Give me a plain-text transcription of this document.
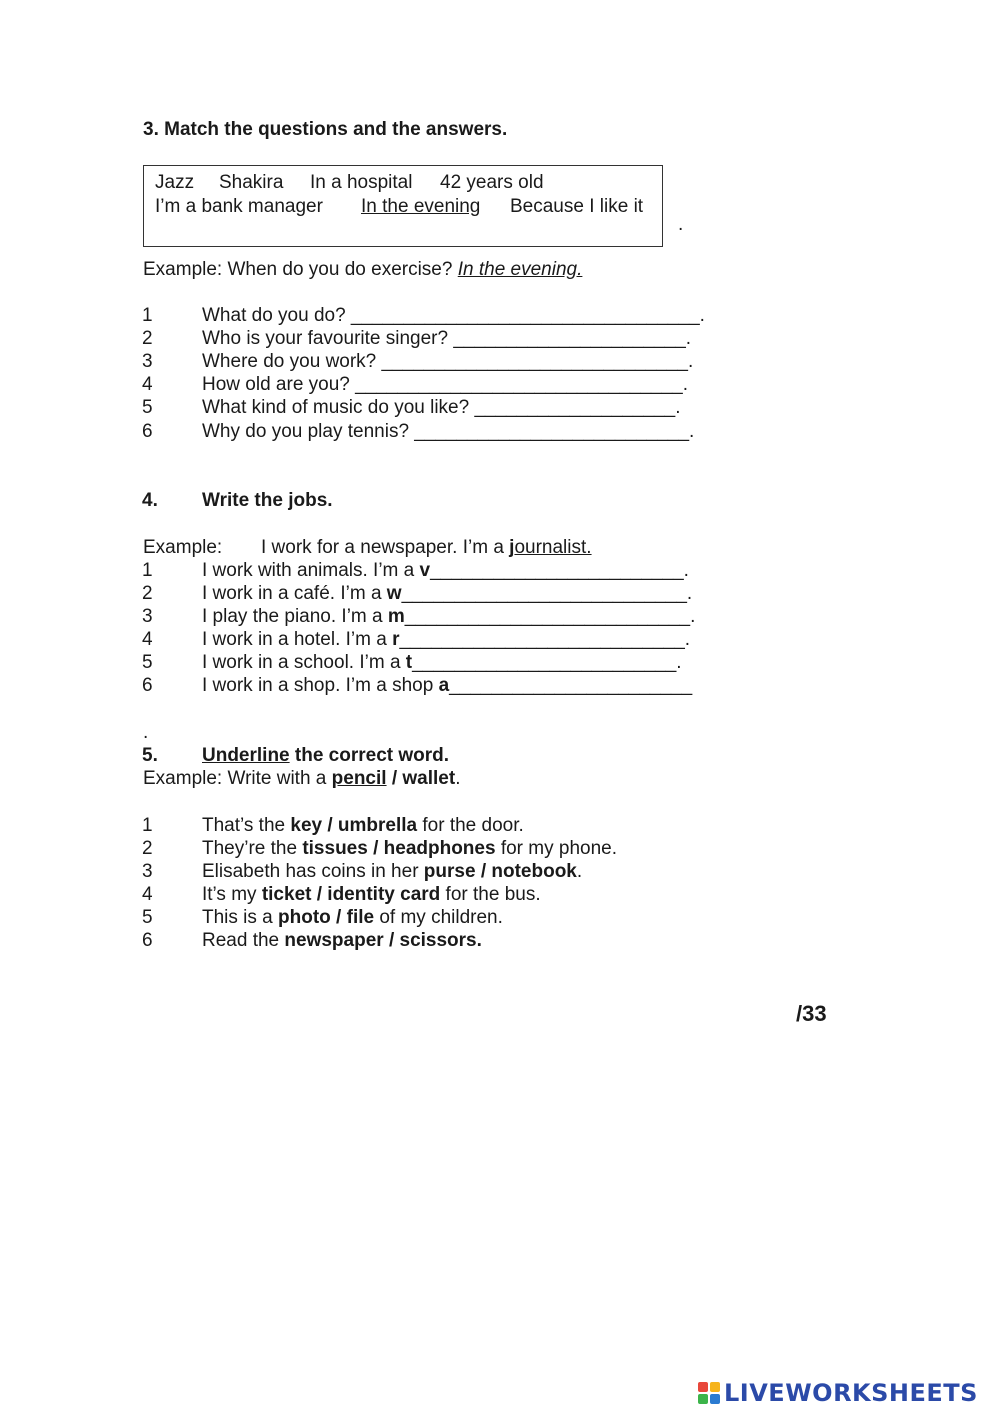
3. Match the questions and the answers.
Jazz Shakira In a hospital 42 years old
I’m a bank manager In the evening Because I like it
.
Example: When do you do exercise? In the evening.
1	What do you do? _________________________________.
2	Who is your favourite singer? ______________________.
3	Where do you work? _____________________________.
4	How old are you? _______________________________.
5	What kind of music do you like? ___________________.
6	Why do you play tennis? __________________________.
4. Write the jobs.
Example: I work for a newspaper. I’m a journalist.
1	I work with animals. I’m a v________________________.
2	I work in a café. I’m a w___________________________.
3	I play the piano. I’m a m___________________________.
4	I work in a hotel. I’m a r___________________________.
5	I work in a school. I’m a t_________________________.
6	I work in a shop. I’m a shop a_______________________
.
5. Underline the correct word.
Example: Write with a pencil / wallet.
1	That’s the key / umbrella for the door.
2	They’re the tissues / headphones for my phone.
3	Elisabeth has coins in her purse / notebook.
4	It’s my ticket / identity card for the bus.
5	This is a photo / file of my children.
6	Read the newspaper / scissors.
/33
LIVEWORKSHEETS
